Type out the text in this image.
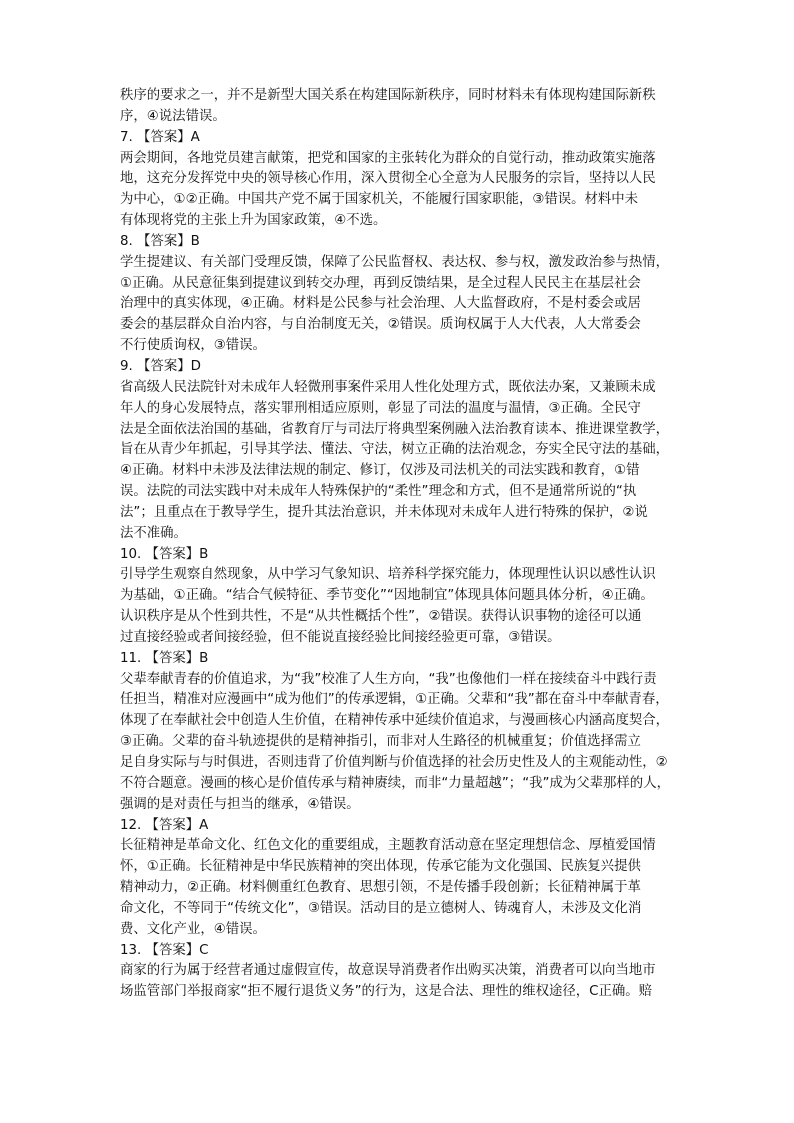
秩序的要求之一，并不是新型大国关系在构建国际新秩序，同时材料未有体现构建国际新秩
序，④说法错误。
7. 【答案】A
两会期间，各地党员建言献策，把党和国家的主张转化为群众的自觉行动，推动政策实施落
地，这充分发挥党中央的领导核心作用，深入贯彻全心全意为人民服务的宗旨，坚持以人民
为中心，①②正确。中国共产党不属于国家机关，不能履行国家职能，③错误。材料中未
有体现将党的主张上升为国家政策，④不选。
8. 【答案】B
学生提建议、有关部门受理反馈，保障了公民监督权、表达权、参与权，激发政治参与热情，
①正确。从民意征集到提建议到转交办理，再到反馈结果，是全过程人民民主在基层社会
治理中的真实体现，④正确。材料是公民参与社会治理、人大监督政府，不是村委会或居
委会的基层群众自治内容，与自治制度无关，②错误。质询权属于人大代表，人大常委会
不行使质询权，③错误。
9. 【答案】D
省高级人民法院针对未成年人轻微刑事案件采用人性化处理方式，既依法办案，又兼顾未成
年人的身心发展特点，落实罪刑相适应原则，彰显了司法的温度与温情，③正确。全民守
法是全面依法治国的基础，省教育厅与司法厅将典型案例融入法治教育读本、推进课堂教学，
旨在从青少年抓起，引导其学法、懂法、守法，树立正确的法治观念，夯实全民守法的基础，
④正确。材料中未涉及法律法规的制定、修订，仅涉及司法机关的司法实践和教育，①错
误。法院的司法实践中对未成年人特殊保护的“柔性”理念和方式，但不是通常所说的“执
法”；且重点在于教导学生，提升其法治意识，并未体现对未成年人进行特殊的保护，②说
法不准确。
10. 【答案】B
引导学生观察自然现象，从中学习气象知识、培养科学探究能力，体现理性认识以感性认识
为基础，①正确。“结合气候特征、季节变化”“因地制宜”体现具体问题具体分析，④正确。
认识秩序是从个性到共性，不是“从共性概括个性”，②错误。获得认识事物的途径可以通
过直接经验或者间接经验，但不能说直接经验比间接经验更可靠，③错误。
11. 【答案】B
父辈奉献青春的价值追求，为“我”校准了人生方向，“我”也像他们一样在接续奋斗中践行责
任担当，精准对应漫画中“成为他们”的传承逻辑，①正确。父辈和“我”都在奋斗中奉献青春，
体现了在奉献社会中创造人生价值，在精神传承中延续价值追求，与漫画核心内涵高度契合，
③正确。父辈的奋斗轨迹提供的是精神指引，而非对人生路径的机械重复；价值选择需立
足自身实际与与时俱进，否则违背了价值判断与价值选择的社会历史性及人的主观能动性，②
不符合题意。漫画的核心是价值传承与精神赓续，而非“力量超越”；“我”成为父辈那样的人，
强调的是对责任与担当的继承，④错误。
12. 【答案】A
长征精神是革命文化、红色文化的重要组成，主题教育活动意在坚定理想信念、厚植爱国情
怀，①正确。长征精神是中华民族精神的突出体现，传承它能为文化强国、民族复兴提供
精神动力，②正确。材料侧重红色教育、思想引领，不是传播手段创新；长征精神属于革
命文化，不等同于“传统文化”，③错误。活动目的是立德树人、铸魂育人，未涉及文化消
费、文化产业，④错误。
13. 【答案】C
商家的行为属于经营者通过虚假宣传，故意误导消费者作出购买决策，消费者可以向当地市
场监管部门举报商家“拒不履行退货义务”的行为，这是合法、理性的维权途径，C正确。赔
